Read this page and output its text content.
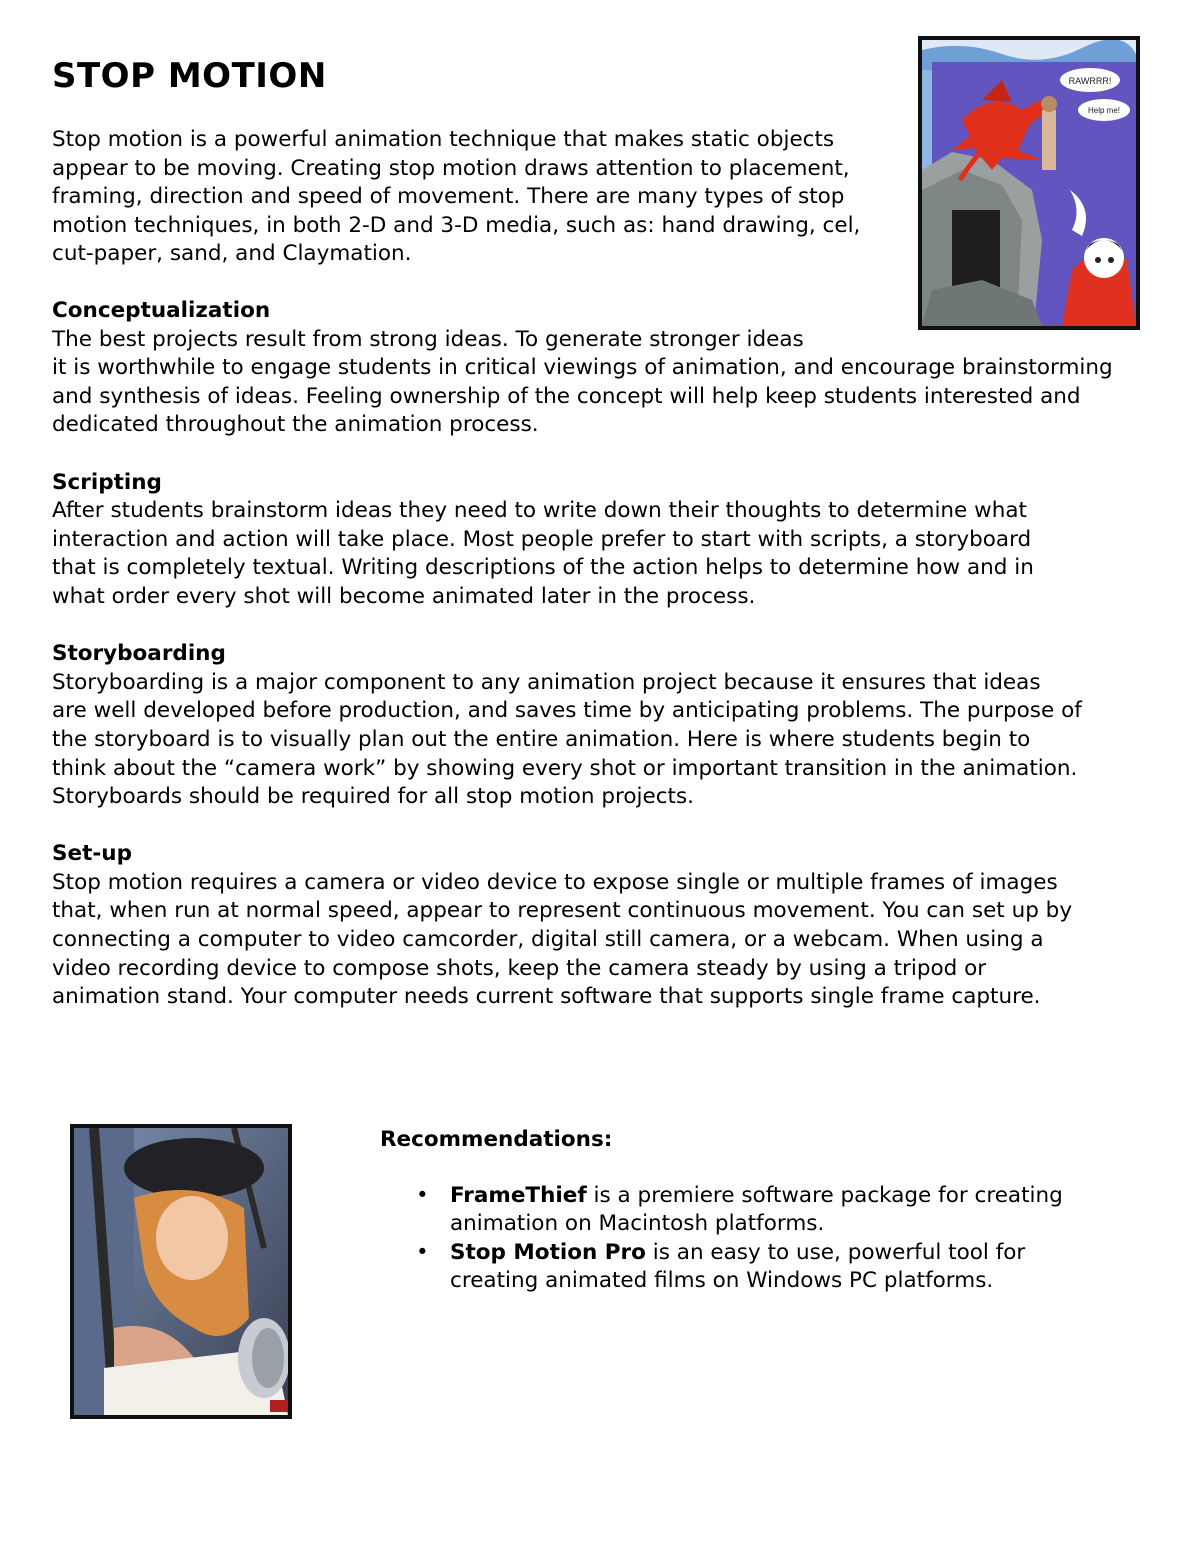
STOP MOTION

Stop motion is a powerful animation technique that makes static objects appear to be moving. Creating stop motion draws attention to placement, framing, direction and speed of movement. There are many types of stop motion techniques, in both 2-D and 3-D media, such as: hand drawing, cel, cut-paper, sand, and Claymation.

RAWRRR!
Help me!
Conceptualization

The best projects result from strong ideas. To generate stronger ideas
it is worthwhile to engage students in critical viewings of animation, and encourage brainstorming and synthesis of ideas. Feeling ownership of the concept will help keep students interested and dedicated throughout the animation process.

Scripting

After students brainstorm ideas they need to write down their thoughts to determine what interaction and action will take place. Most people prefer to start with scripts, a storyboard that is completely textual. Writing descriptions of the action helps to determine how and in what order every shot will become animated later in the process.

Storyboarding

Storyboarding is a major component to any animation project because it ensures that ideas are well developed before production, and saves time by anticipating problems. The purpose of the storyboard is to visually plan out the entire animation. Here is where students begin to think about the “camera work” by showing every shot or important transition in the animation. Storyboards should be required for all stop motion projects.

Set-up

Stop motion requires a camera or video device to expose single or multiple frames of images that, when run at normal speed, appear to represent continuous movement. You can set up by connecting a computer to video camcorder, digital still camera, or a webcam. When using a video recording device to compose shots, keep the camera steady by using a tripod or animation stand. Your computer needs current software that supports single frame capture.

Recommendations:
• FrameThief is a premiere software package for creating animation on Macintosh platforms.
• Stop Motion Pro is an easy to use, powerful tool for creating animated films on Windows PC platforms.
